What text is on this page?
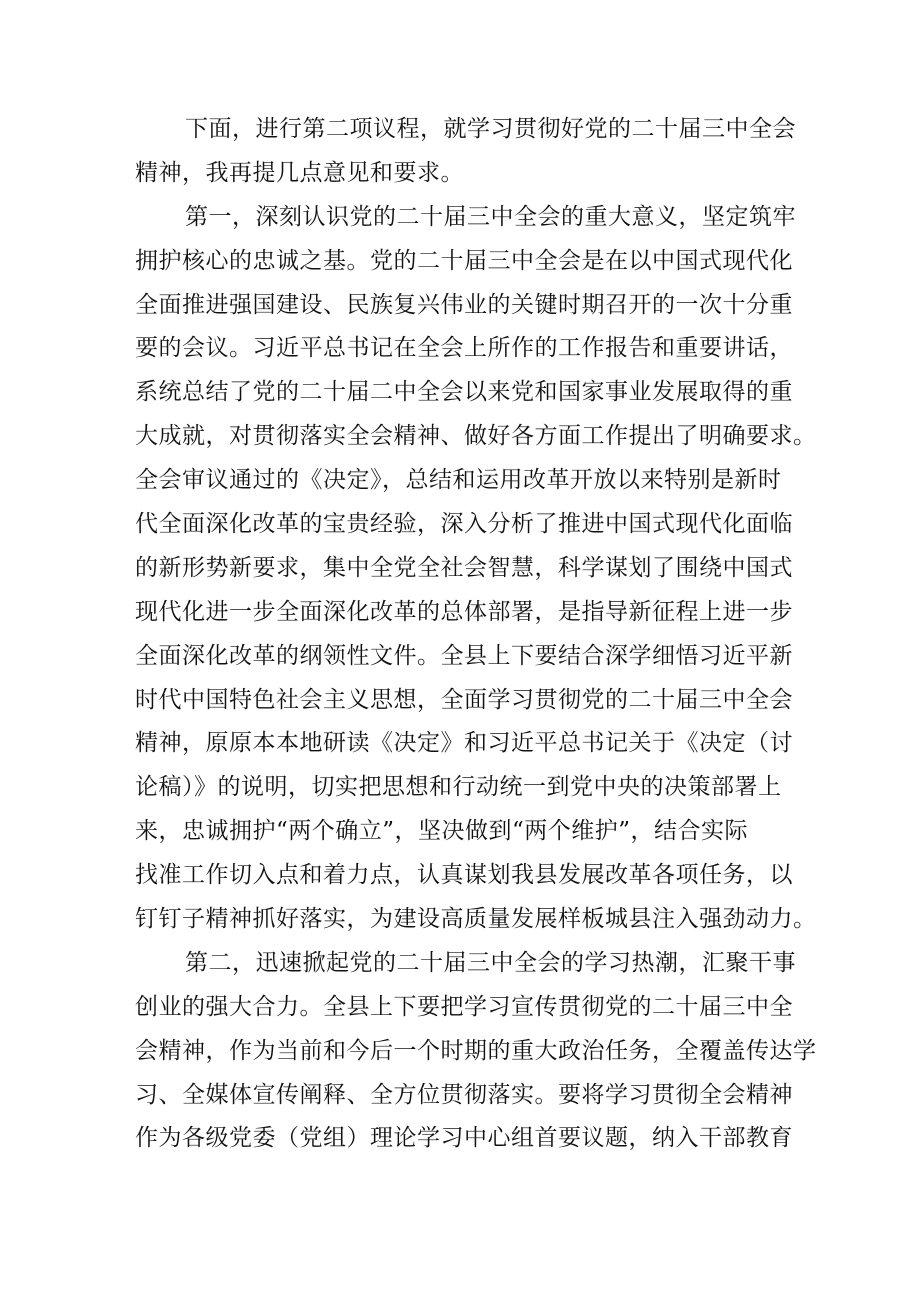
下面，进行第二项议程，就学习贯彻好党的二十届三中全会
精神，我再提几点意见和要求。
第一，深刻认识党的二十届三中全会的重大意义，坚定筑牢
拥护核心的忠诚之基。党的二十届三中全会是在以中国式现代化
全面推进强国建设、民族复兴伟业的关键时期召开的一次十分重
要的会议。习近平总书记在全会上所作的工作报告和重要讲话，
系统总结了党的二十届二中全会以来党和国家事业发展取得的重
大成就，对贯彻落实全会精神、做好各方面工作提出了明确要求。
全会审议通过的《决定》，总结和运用改革开放以来特别是新时
代全面深化改革的宝贵经验，深入分析了推进中国式现代化面临
的新形势新要求，集中全党全社会智慧，科学谋划了围绕中国式
现代化进一步全面深化改革的总体部署，是指导新征程上进一步
全面深化改革的纲领性文件。全县上下要结合深学细悟习近平新
时代中国特色社会主义思想，全面学习贯彻党的二十届三中全会
精神，原原本本地研读《决定》和习近平总书记关于《决定（讨
论稿）》的说明，切实把思想和行动统一到党中央的决策部署上
来，忠诚拥护“两个确立”，坚决做到“两个维护”，结合实际
找准工作切入点和着力点，认真谋划我县发展改革各项任务，以
钉钉子精神抓好落实，为建设高质量发展样板城县注入强劲动力。
第二，迅速掀起党的二十届三中全会的学习热潮，汇聚干事
创业的强大合力。全县上下要把学习宣传贯彻党的二十届三中全
会精神，作为当前和今后一个时期的重大政治任务，全覆盖传达学
习、全媒体宣传阐释、全方位贯彻落实。要将学习贯彻全会精神
作为各级党委（党组）理论学习中心组首要议题，纳入干部教育
